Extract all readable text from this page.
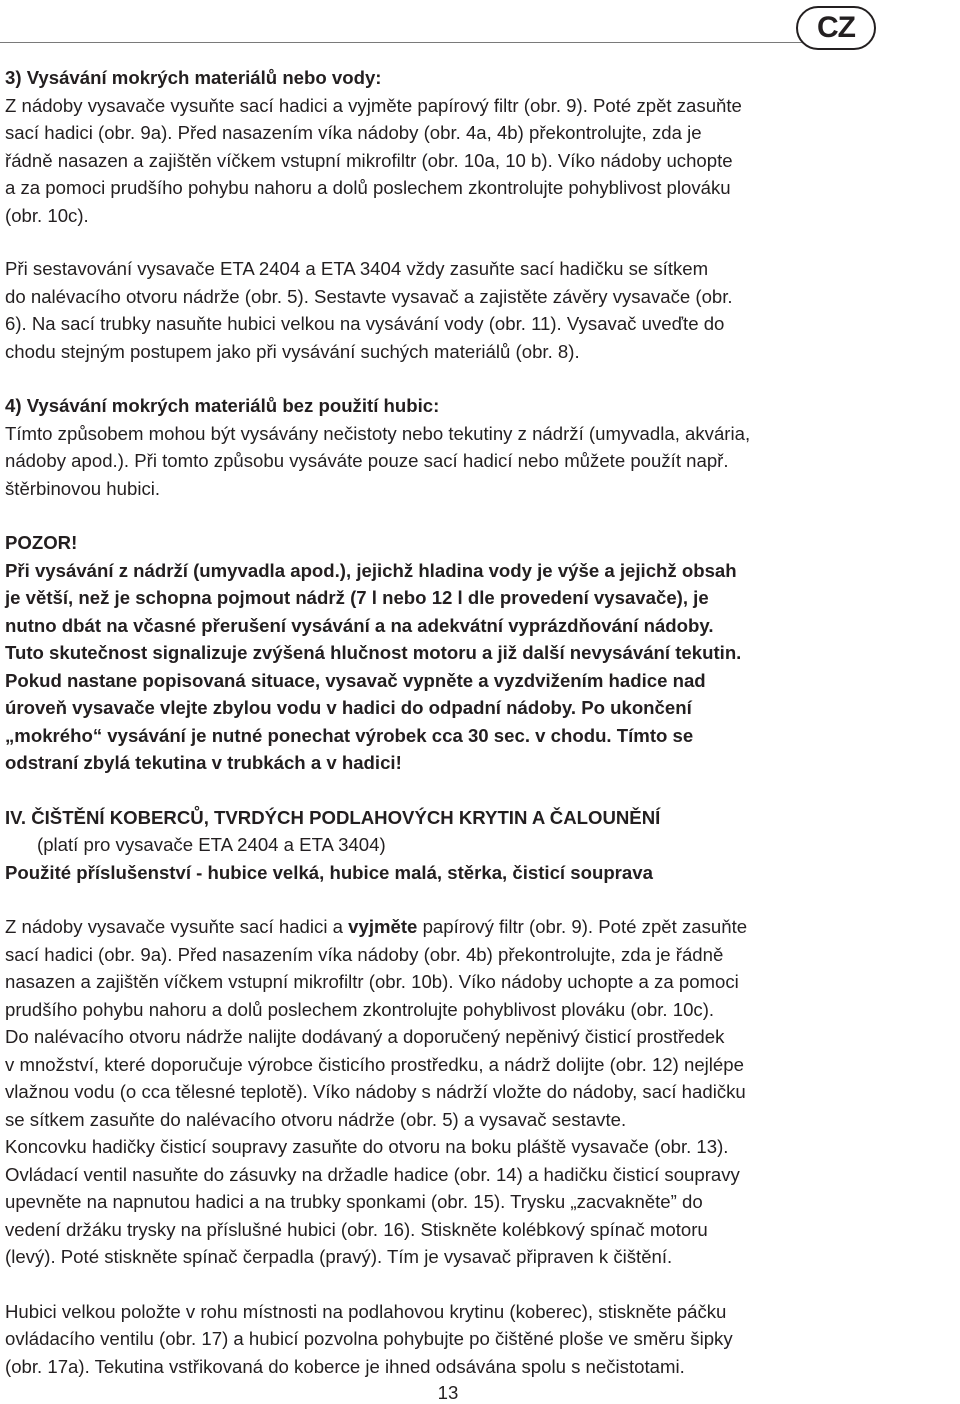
CZ

3) Vysávání mokrých materiálů nebo vody:

Z nádoby vysavače vysuňte sací hadici a vyjměte papírový filtr (obr. 9). Poté zpět zasuňte
sací hadici (obr. 9a). Před nasazením víka nádoby (obr. 4a, 4b) překontrolujte, zda je
řádně nasazen a zajištěn víčkem vstupní mikrofiltr (obr. 10a, 10 b). Víko nádoby uchopte
a za pomoci prudšího pohybu nahoru a dolů poslechem zkontrolujte pohyblivost plováku
(obr. 10c).

Při sestavování vysavače ETA 2404 a ETA 3404 vždy zasuňte sací hadičku se sítkem
do nalévacího otvoru nádrže (obr. 5). Sestavte vysavač a zajistěte závěry vysavače (obr.
6). Na sací trubky nasuňte hubici velkou na vysávání vody (obr. 11). Vysavač uveďte do
chodu stejným postupem jako při vysávání suchých materiálů (obr. 8).

4) Vysávání mokrých materiálů bez použití hubic:

Tímto způsobem mohou být vysávány nečistoty nebo tekutiny z nádrží (umyvadla, akvária,
nádoby apod.). Při tomto způsobu vysáváte pouze sací hadicí nebo můžete použít např.
štěrbinovou hubici.

POZOR!

Při vysávání z nádrží (umyvadla apod.), jejichž hladina vody je výše a jejichž obsah
je větší, než je schopna pojmout nádrž (7 l nebo 12 l dle provedení vysavače), je
nutno dbát na včasné přerušení vysávání a na adekvátní vyprázdňování nádoby.
Tuto skutečnost signalizuje zvýšená hlučnost motoru a již další nevysávání tekutin.
Pokud nastane popisovaná situace, vysavač vypněte a vyzdvižením hadice nad
úroveň vysavače vlejte zbylou vodu v hadici do odpadní nádoby. Po ukončení
„mokrého“ vysávání je nutné ponechat výrobek cca 30 sec. v chodu. Tímto se
odstraní zbylá tekutina v trubkách a v hadici!

IV. ČIŠTĚNÍ KOBERCŮ, TVRDÝCH PODLAHOVÝCH KRYTIN A ČALOUNĚNÍ

(platí pro vysavače ETA 2404 a ETA 3404)

Použité příslušenství - hubice velká, hubice malá, stěrka, čisticí souprava

Z nádoby vysavače vysuňte sací hadici a vyjměte papírový filtr (obr. 9). Poté zpět zasuňte
sací hadici (obr. 9a). Před nasazením víka nádoby (obr. 4b) překontrolujte, zda je řádně
nasazen a zajištěn víčkem vstupní mikrofiltr (obr. 10b). Víko nádoby uchopte a za pomoci
prudšího pohybu nahoru a dolů poslechem zkontrolujte pohyblivost plováku (obr. 10c).
Do nalévacího otvoru nádrže nalijte dodávaný a doporučený nepěnivý čisticí prostředek
v množství, které doporučuje výrobce čisticího prostředku, a nádrž dolijte (obr. 12) nejlépe
vlažnou vodu (o cca tělesné teplotě). Víko nádoby s nádrží vložte do nádoby, sací hadičku
se sítkem zasuňte do nalévacího otvoru nádrže (obr. 5) a vysavač sestavte.
Koncovku hadičky čisticí soupravy zasuňte do otvoru na boku pláště vysavače (obr. 13).
Ovládací ventil nasuňte do zásuvky na držadle hadice (obr. 14) a hadičku čisticí soupravy
upevněte na napnutou hadici a na trubky sponkami (obr. 15). Trysku „zacvakněte” do
vedení držáku trysky na příslušné hubici (obr. 16). Stiskněte kolébkový spínač motoru
(levý). Poté stiskněte spínač čerpadla (pravý). Tím je vysavač připraven k čištění.

Hubici velkou položte v rohu místnosti na podlahovou krytinu (koberec), stiskněte páčku
ovládacího ventilu (obr. 17) a hubicí pozvolna pohybujte po čištěné ploše ve směru šipky
(obr. 17a). Tekutina vstřikovaná do koberce je ihned odsávána spolu s nečistotami.

13
